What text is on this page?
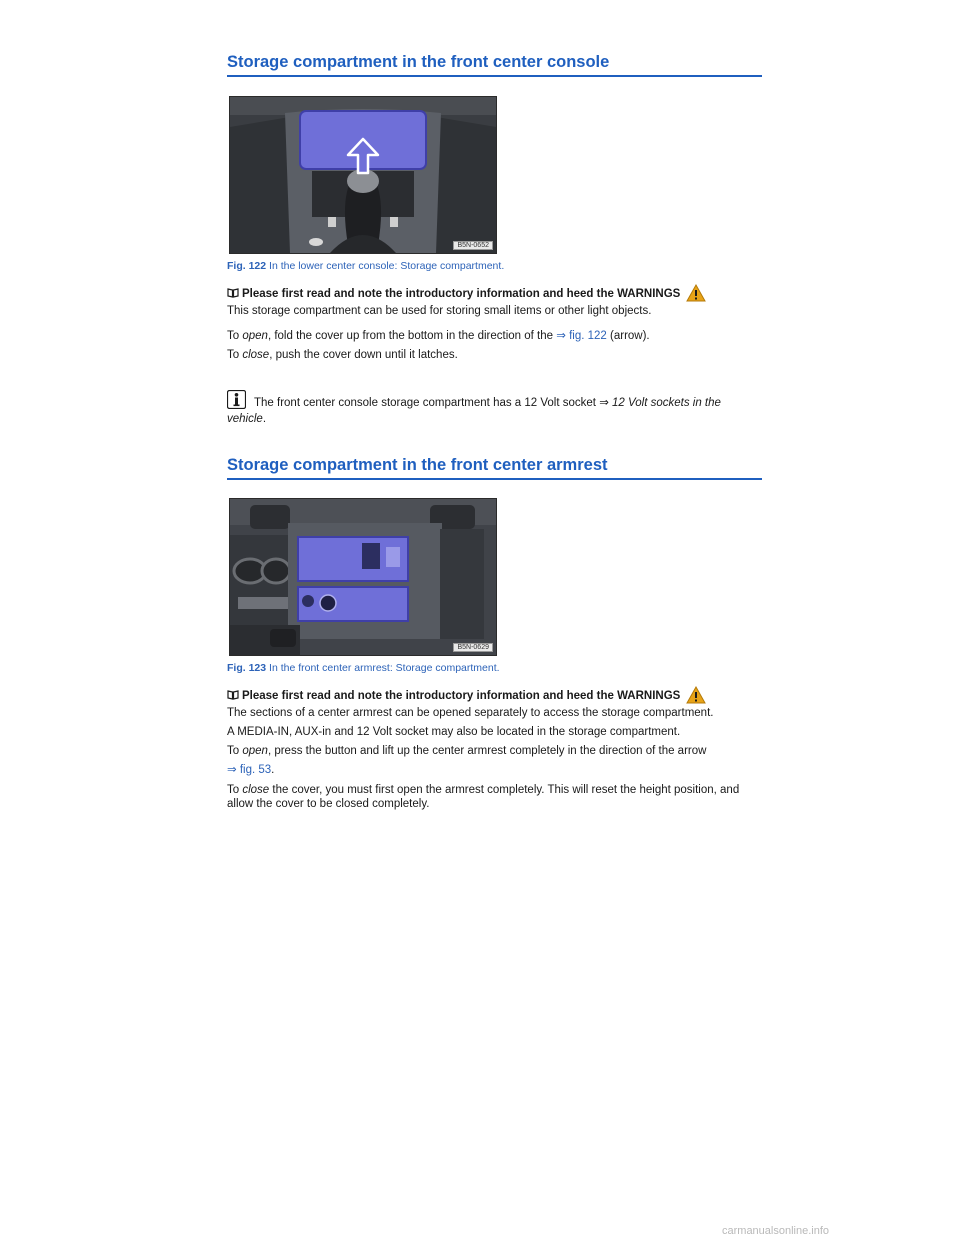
Storage compartment in the front center console
B5N-0652
Fig. 122 In the lower center console: Storage compartment.

Please first read and note the introductory information and heed the WARNINGS

This storage compartment can be used for storing small items or other light objects.

To open, fold the cover up from the bottom in the direction of the ⇒ fig. 122 (arrow).

To close, push the cover down until it latches.

The front center console storage compartment has a 12 Volt socket ⇒ 12 Volt sockets in the
vehicle.

Storage compartment in the front center armrest
B5N-0629
Fig. 123 In the front center armrest: Storage compartment.

Please first read and note the introductory information and heed the WARNINGS

The sections of a center armrest can be opened separately to access the storage compartment.

A MEDIA-IN, AUX-in and 12 Volt socket may also be located in the storage compartment.

To open, press the button and lift up the center armrest completely in the direction of the arrow

⇒ fig. 53.

To close the cover, you must first open the armrest completely. This will reset the height position, and allow the cover to be closed completely.

carmanualsonline.info
